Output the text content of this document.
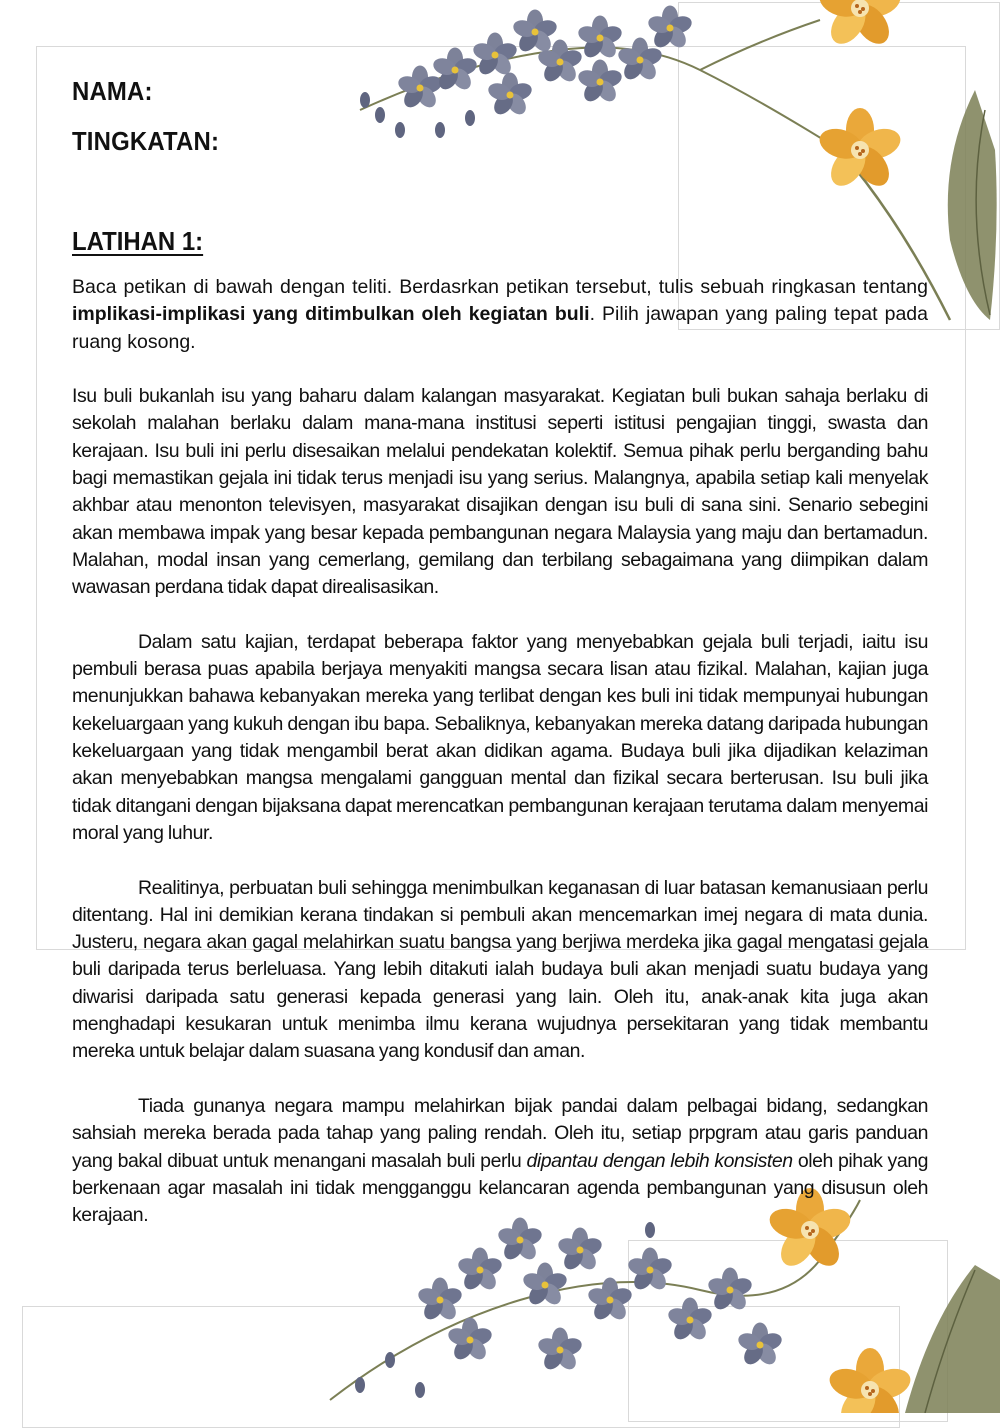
NAMA:
TINGKATAN:
LATIHAN 1:

Baca petikan di bawah dengan teliti. Berdasrkan petikan tersebut, tulis sebuah ringkasan tentang implikasi-implikasi yang ditimbulkan oleh kegiatan buli. Pilih jawapan yang paling tepat pada ruang kosong.

Isu buli bukanlah isu yang baharu dalam kalangan masyarakat. Kegiatan buli bukan sahaja berlaku di sekolah malahan berlaku dalam mana-mana institusi seperti istitusi pengajian tinggi, swasta dan kerajaan. Isu buli ini perlu disesaikan melalui pendekatan kolektif. Semua pihak perlu berganding bahu bagi memastikan gejala ini tidak terus menjadi isu yang serius. Malangnya, apabila setiap kali menyelak akhbar atau menonton televisyen, masyarakat disajikan dengan isu buli di sana sini. Senario sebegini akan membawa impak yang besar kepada pembangunan negara Malaysia yang maju dan bertamadun. Malahan, modal insan yang cemerlang, gemilang dan terbilang sebagaimana yang diimpikan dalam wawasan perdana tidak dapat direalisasikan.

Dalam satu kajian, terdapat beberapa faktor yang menyebabkan gejala buli terjadi, iaitu isu pembuli berasa puas apabila berjaya menyakiti mangsa secara lisan atau fizikal. Malahan, kajian juga menunjukkan bahawa kebanyakan mereka yang terlibat dengan kes buli ini tidak mempunyai hubungan kekeluargaan yang kukuh dengan ibu bapa. Sebaliknya, kebanyakan mereka datang daripada hubungan kekeluargaan yang tidak mengambil berat akan didikan agama. Budaya buli jika dijadikan kelaziman akan menyebabkan mangsa mengalami gangguan mental dan fizikal secara berterusan. Isu buli jika tidak ditangani dengan bijaksana dapat merencatkan pembangunan kerajaan terutama dalam menyemai moral yang luhur.

Realitinya, perbuatan buli sehingga menimbulkan keganasan di luar batasan kemanusiaan perlu ditentang. Hal ini demikian kerana tindakan si pembuli akan mencemarkan imej negara di mata dunia. Justeru, negara akan gagal melahirkan suatu bangsa yang berjiwa merdeka jika gagal mengatasi gejala buli daripada terus berleluasa. Yang lebih ditakuti ialah budaya buli akan menjadi suatu budaya yang diwarisi daripada satu generasi kepada generasi yang lain. Oleh itu, anak-anak kita juga akan menghadapi kesukaran untuk menimba ilmu kerana wujudnya persekitaran yang tidak membantu mereka untuk belajar dalam suasana yang kondusif dan aman.

Tiada gunanya negara mampu melahirkan bijak pandai dalam pelbagai bidang, sedangkan sahsiah mereka berada pada tahap yang paling rendah. Oleh itu, setiap prpgram atau garis panduan yang bakal dibuat untuk menangani masalah buli perlu dipantau dengan lebih konsisten oleh pihak yang berkenaan agar masalah ini tidak mengganggu kelancaran agenda pembangunan yang disusun oleh kerajaan.
